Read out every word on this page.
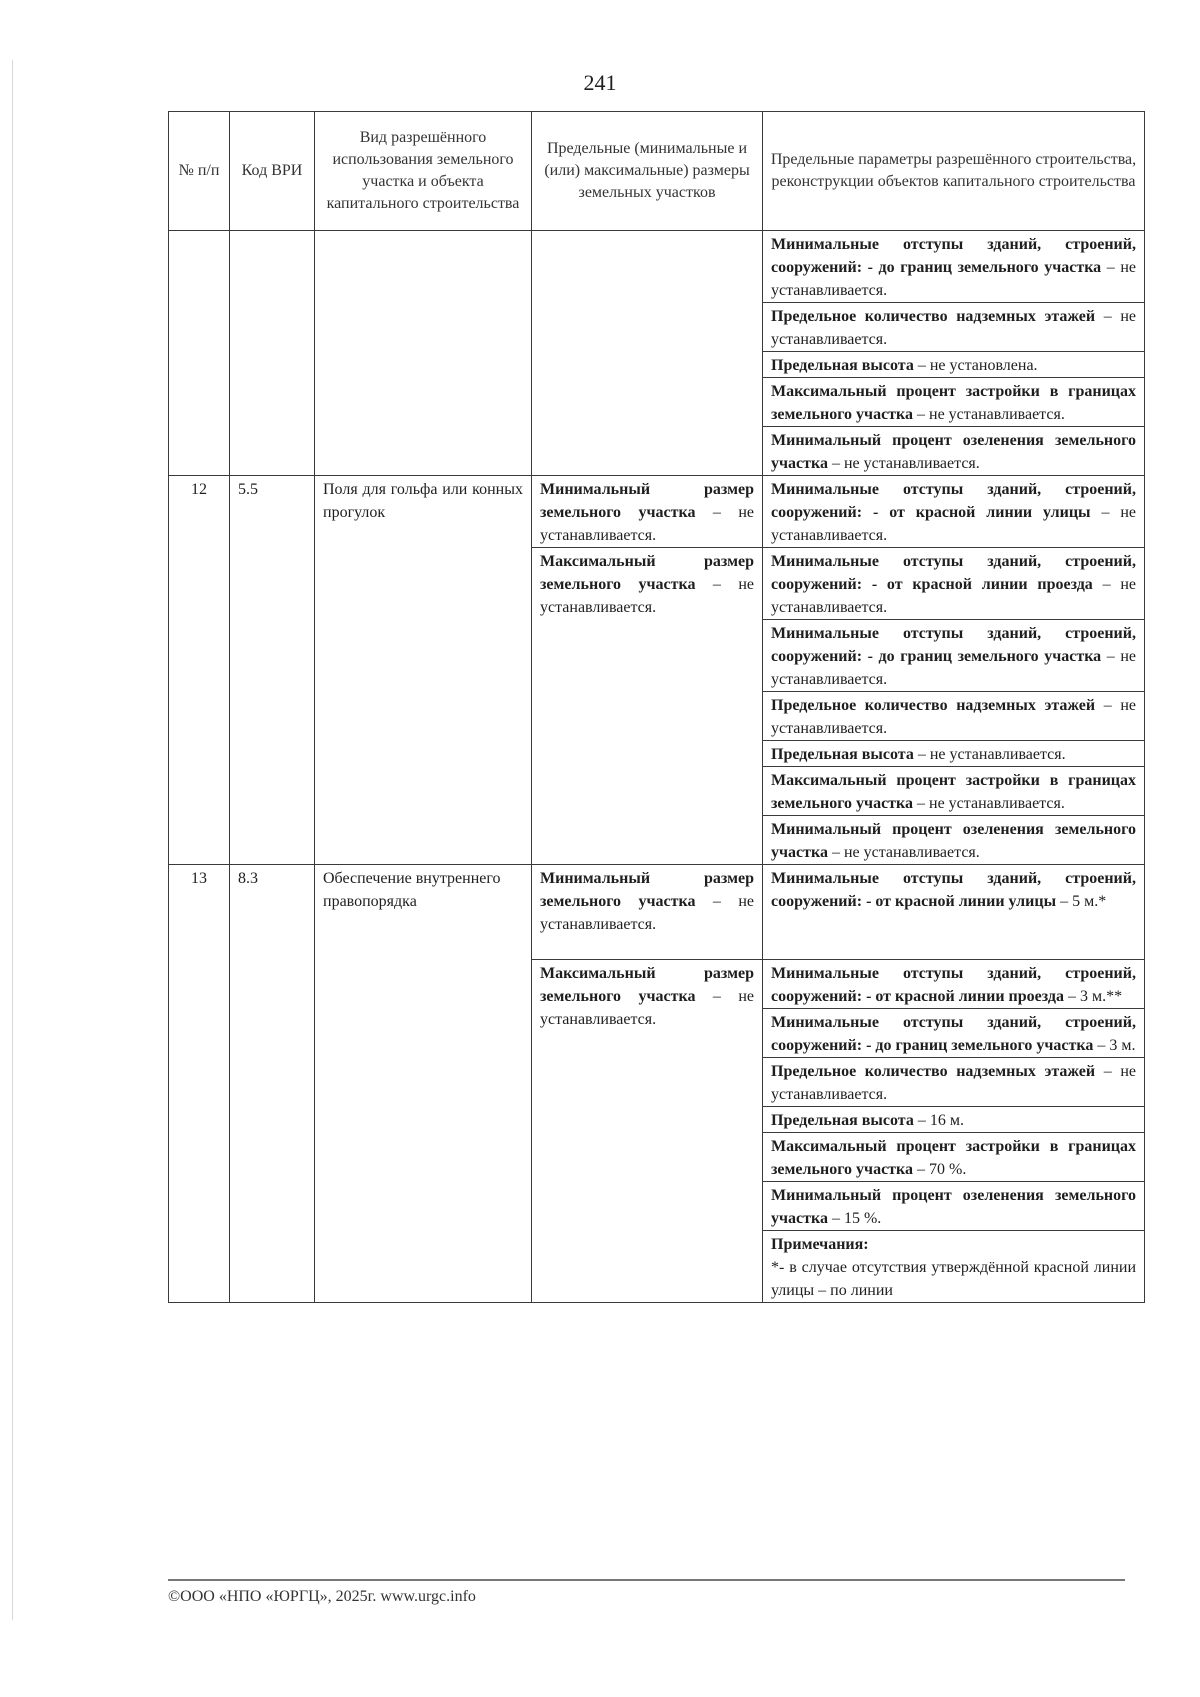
241
№ п/п	Код ВРИ	Вид разрешённого использования земельного участка и объекта капитального строительства	Предельные (минимальные и (или) максимальные) размеры земельных участков	Предельные параметры разрешённого строительства, реконструкции объектов капитального строительства
				Минимальные отступы зданий, строений, сооружений: - до границ земельного участка – не устанавливается.
				Предельное количество надземных этажей – не устанавливается.
				Предельная высота – не установлена.
				Максимальный процент застройки в границах земельного участка – не устанавливается.
				Минимальный процент озеленения земельного участка – не устанавливается.
12	5.5	Поля для гольфа или конных прогулок	Минимальный размер земельного участка – не устанавливается.	Минимальные отступы зданий, строений, сооружений: - от красной линии улицы – не устанавливается.
			Максимальный размер земельного участка – не устанавливается.	Минимальные отступы зданий, строений, сооружений: - от красной линии проезда – не устанавливается.
				Минимальные отступы зданий, строений, сооружений: - до границ земельного участка – не устанавливается.
				Предельное количество надземных этажей – не устанавливается.
				Предельная высота – не устанавливается.
				Максимальный процент застройки в границах земельного участка – не устанавливается.
				Минимальный процент озеленения земельного участка – не устанавливается.
13	8.3	Обеспечение внутреннего правопорядка	Минимальный размер земельного участка – не устанавливается.	Минимальные отступы зданий, строений, сооружений: - от красной линии улицы – 5 м.*
			Максимальный размер земельного участка – не устанавливается.	Минимальные отступы зданий, строений, сооружений: - от красной линии проезда – 3 м.**
				Минимальные отступы зданий, строений, сооружений: - до границ земельного участка – 3 м.
				Предельное количество надземных этажей – не устанавливается.
				Предельная высота – 16 м.
				Максимальный процент застройки в границах земельного участка – 70 %.
				Минимальный процент озеленения земельного участка – 15 %.
				Примечания:
*- в случае отсутствия утверждённой красной линии улицы – по линии
©ООО «НПО «ЮРГЦ», 2025г. www.urgc.info
